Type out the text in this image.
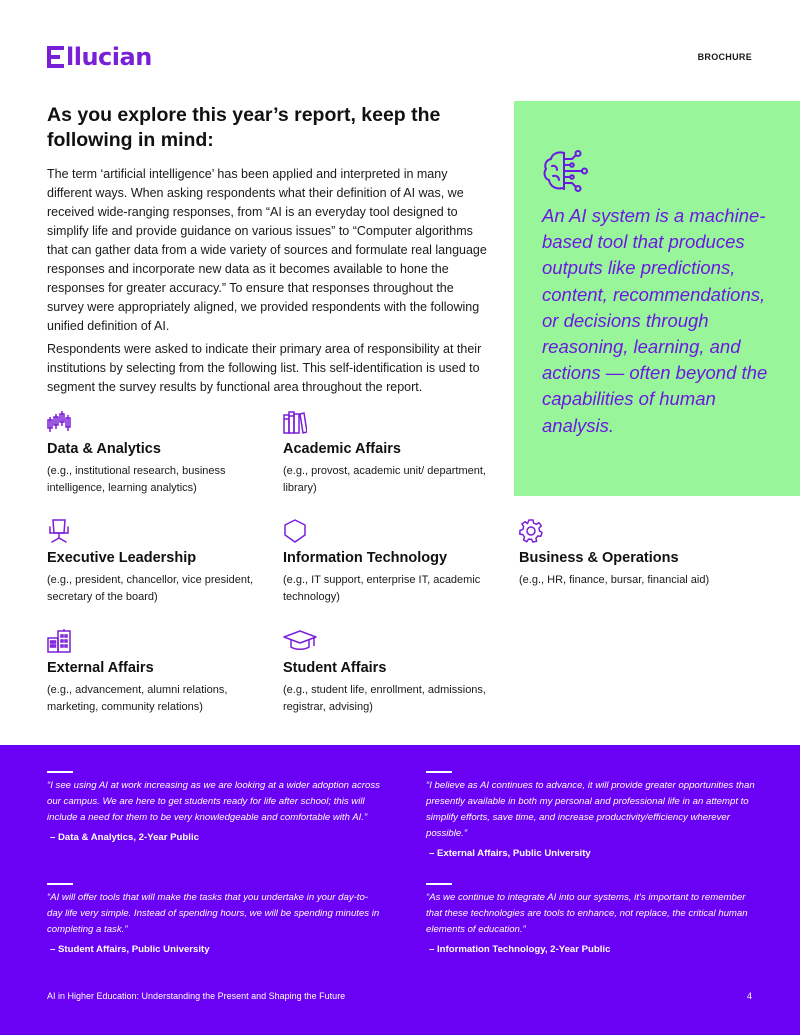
llucian	BROCHURE
As you explore this year’s report, keep the following in mind:

The term ‘artificial intelligence’ has been applied and interpreted in many different ways. When asking respondents what their definition of AI was, we received wide-ranging responses, from “AI is an everyday tool designed to simplify life and provide guidance on various issues” to “Computer algorithms that can gather data from a wide variety of sources and formulate real language responses and incorporate new data as it becomes available to hone the responses for greater accuracy.” To ensure that responses throughout the survey were appropriately aligned, we provided respondents with the following unified definition of AI.

Respondents were asked to indicate their primary area of responsibility at their institutions by selecting from the following list. This self-identification is used to segment the survey results by functional area throughout the report.

An AI system is a machine-based tool that produces outputs like predictions, content, recommendations, or decisions through reasoning, learning, and actions — often beyond the capabilities of human analysis.

Data & Analytics

(e.g., institutional research, business intelligence, learning analytics)

Academic Affairs

(e.g., provost, academic unit/ department, library)

Executive Leadership

(e.g., president, chancellor, vice president, secretary of the board)

Information Technology

(e.g., IT support, enterprise IT, academic technology)

Business & Operations

(e.g., HR, finance, bursar, financial aid)

External Affairs

(e.g., advancement, alumni relations, marketing, community relations)

Student Affairs

(e.g., student life, enrollment, admissions, registrar, advising)

“I see using AI at work increasing as we are looking at a wider adoption across our campus. We are here to get students ready for life after school; this will include a need for them to be very knowledgeable and comfortable with AI.”

– Data & Analytics, 2-Year Public

“I believe as AI continues to advance, it will provide greater opportunities than presently available in both my personal and professional life in an attempt to simplify efforts, save time, and increase productivity/efficiency wherever possible.”

– External Affairs, Public University

“AI will offer tools that will make the tasks that you undertake in your day-to-day life very simple. Instead of spending hours, we will be spending minutes in completing a task.”

– Student Affairs, Public University

“As we continue to integrate AI into our systems, it’s important to remember that these technologies are tools to enhance, not replace, the critical human elements of education.”

– Information Technology, 2-Year Public

AI in Higher Education: Understanding the Present and Shaping the Future	4
